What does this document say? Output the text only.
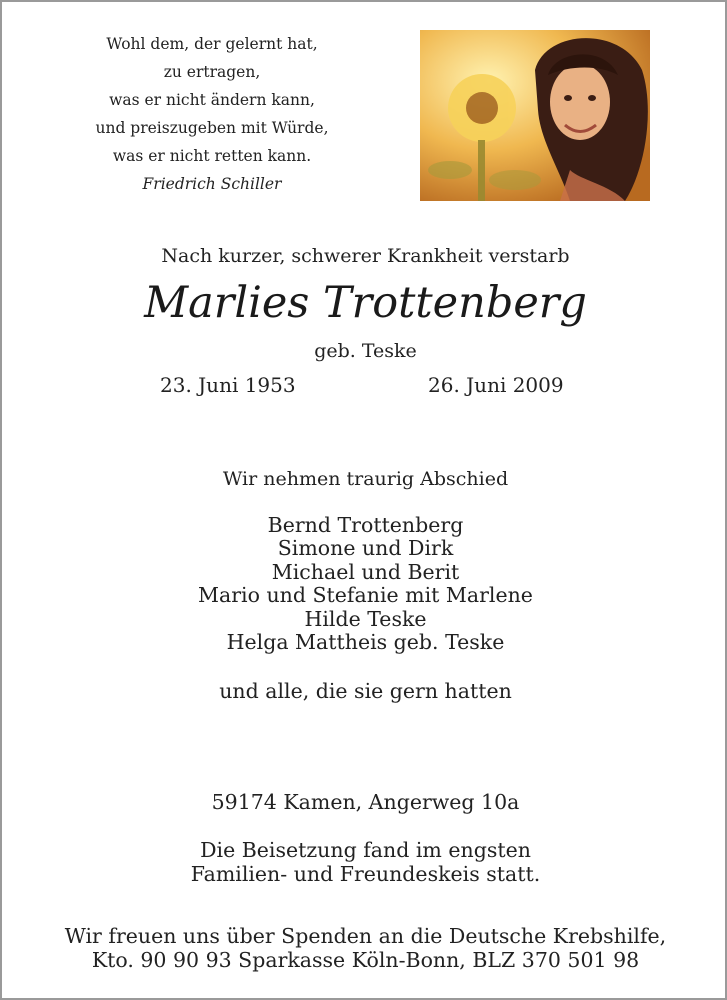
Wohl dem, der gelernt hat,
zu ertragen,
was er nicht ändern kann,
und preiszugeben mit Würde,
was er nicht retten kann.
Friedrich Schiller
Nach kurzer, schwerer Krankheit verstarb
Marlies Trottenberg
geb. Teske
23. Juni 1953	26. Juni 2009
Wir nehmen traurig Abschied
Bernd Trottenberg
Simone und Dirk
Michael und Berit
Mario und Stefanie mit Marlene
Hilde Teske
Helga Mattheis geb. Teske
und alle, die sie gern hatten
59174 Kamen, Angerweg 10a
Die Beisetzung fand im engsten
Familien- und Freundeskeis statt.
Wir freuen uns über Spenden an die Deutsche Krebshilfe,
Kto. 90 90 93 Sparkasse Köln-Bonn, BLZ 370 501 98
